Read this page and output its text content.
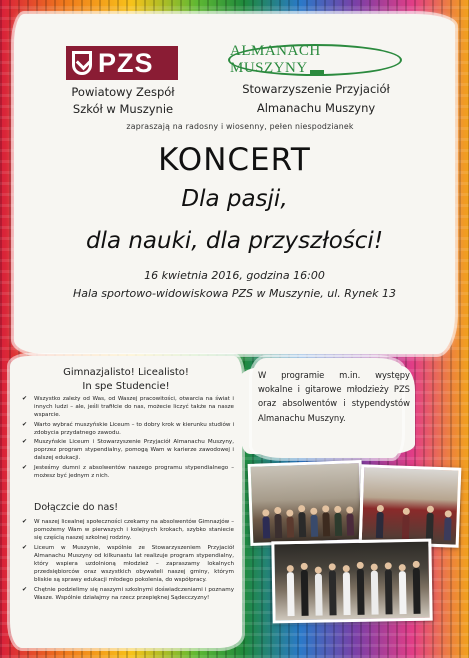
PZS	ALMANACH MUSZYNY
Powiatowy Zespół
Szkół w Muszynie
Stowarzyszenie Przyjaciół
Almanachu Muszyny
zapraszają na radosny i wiosenny, pełen niespodzianek
KONCERT
Dla pasji,
dla nauki, dla przyszłości!
16 kwietnia 2016, godzina 16:00
Hala sportowo-widowiskowa PZS w Muszynie, ul. Rynek 13
Gimnazjalisto! Licealisto!
In spe Studencie!
✔ Wszystko zależy od Was, od Waszej pracowitości, otwarcia na świat i innych ludzi – ale, jeśli trafiłcie do nas, możecie liczyć także na nasze wsparcie.
✔ Warto wybrać muszyńskie Liceum – to dobry krok w kierunku studiów i zdobycia przydatnego zawodu.
✔ Muszyńskie Liceum i Stowarzyszenie Przyjaciół Almanachu Muszyny, poprzez program stypendialny, pomogą Wam w karierze zawodowej i dalszej edukacji.
✔ Jesteśmy dumni z absolwentów naszego programu stypendialnego – możesz być jednym z nich.
Dołączcie do nas!
✔ W naszej licealnej społeczności czekamy na absolwentów Gimnazjów – pomożemy Wam w pierwszych i kolejnych krokach, szybko staniecie się częścią naszej szkolnej rodziny.
✔ Liceum w Muszynie, wspólnie ze Stowarzyszeniem Przyjaciół Almanachu Muszyny od kilkunastu lat realizuje program stypendialny, który wspiera uzdolnioną młodzież – zapraszamy lokalnych przedsiębiorców oraz wszystkich obywateli naszej gminy, którym bliskie są sprawy edukacji młodego pokolenia, do współpracy.
✔ Chętnie podzielimy się naszymi szkolnymi doświadczeniami i poznamy Wasze. Wspólnie działajmy na rzecz przepięknej Sądecczyzny!
W programie m.in. występy wokalne i gitarowe młodzieży PZS oraz absolwentów i stypendystów Almanachu Muszyny.
